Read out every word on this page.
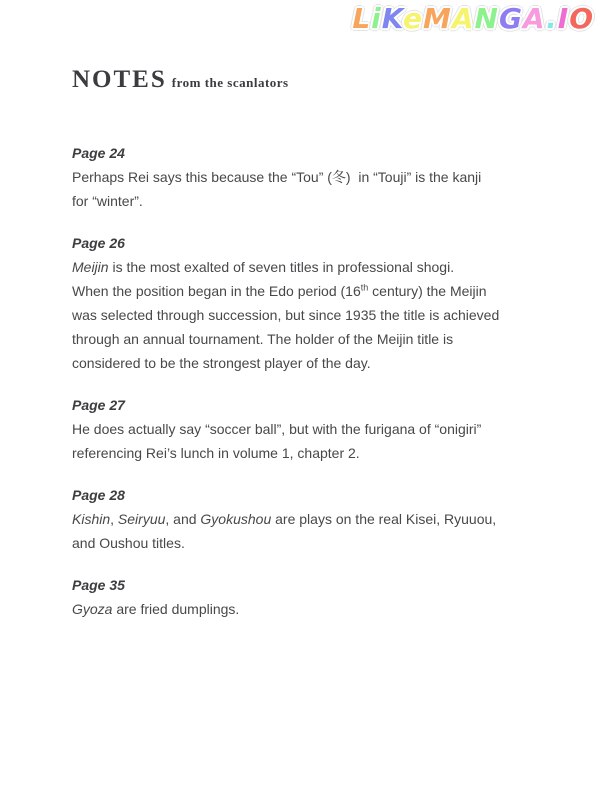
LiKeMANGA.IO
NOTES from the scanlators
Page 24
Perhaps Rei says this because the “Tou” (冬)  in “Touji” is the kanji
for “winter”.
Page 26
Meijin is the most exalted of seven titles in professional shogi.
When the position began in the Edo period (16th century) the Meijin
was selected through succession, but since 1935 the title is achieved
through an annual tournament. The holder of the Meijin title is
considered to be the strongest player of the day.
Page 27
He does actually say “soccer ball”, but with the furigana of “onigiri”
referencing Rei’s lunch in volume 1, chapter 2.
Page 28
Kishin, Seiryuu, and Gyokushou are plays on the real Kisei, Ryuuou,
and Oushou titles.
Page 35
Gyoza are fried dumplings.
